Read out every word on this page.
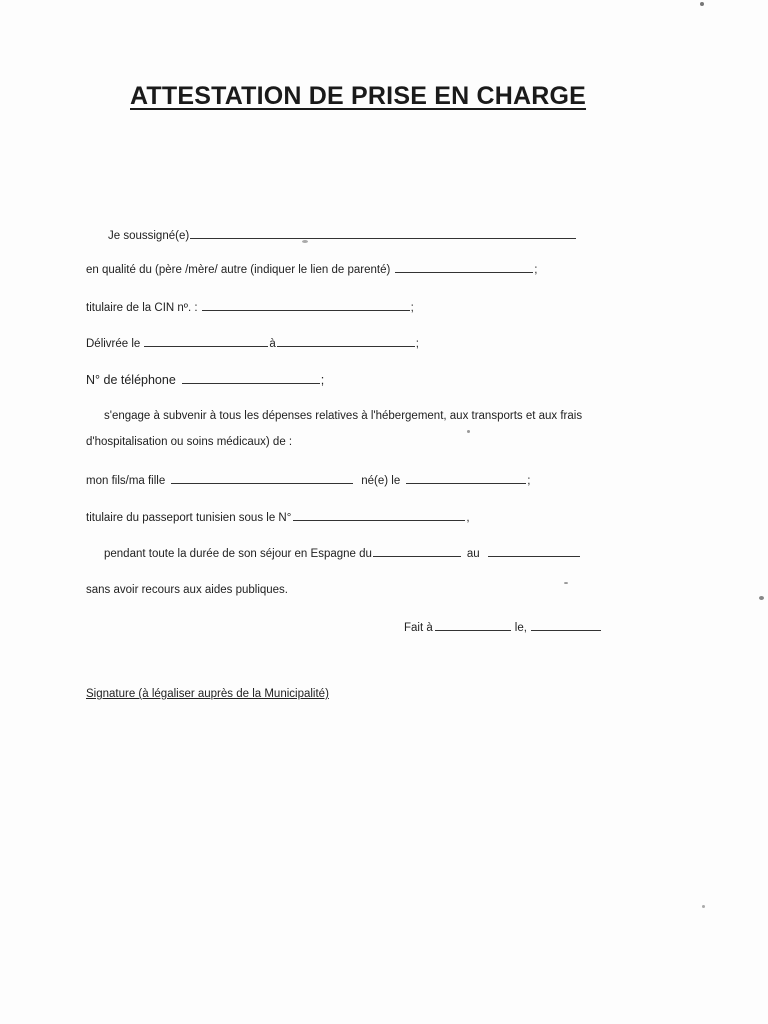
ATTESTATION DE PRISE EN CHARGE
Je soussigné(e)
en qualité du (père /mère/ autre (indiquer le lien de parenté)	;
titulaire de la CIN nº. :	;
Délivrée le	à	;
N° de téléphone	;
s'engage à subvenir à tous les dépenses relatives à l'hébergement, aux transports et aux frais
d'hospitalisation ou soins médicaux) de :
mon fils/ma fille	né(e) le	;
titulaire du passeport tunisien sous le N°	,
pendant toute la durée de son séjour en Espagne du	au
sans avoir recours aux aides publiques.
Fait à	le,
Signature (à légaliser auprès de la Municipalité)
